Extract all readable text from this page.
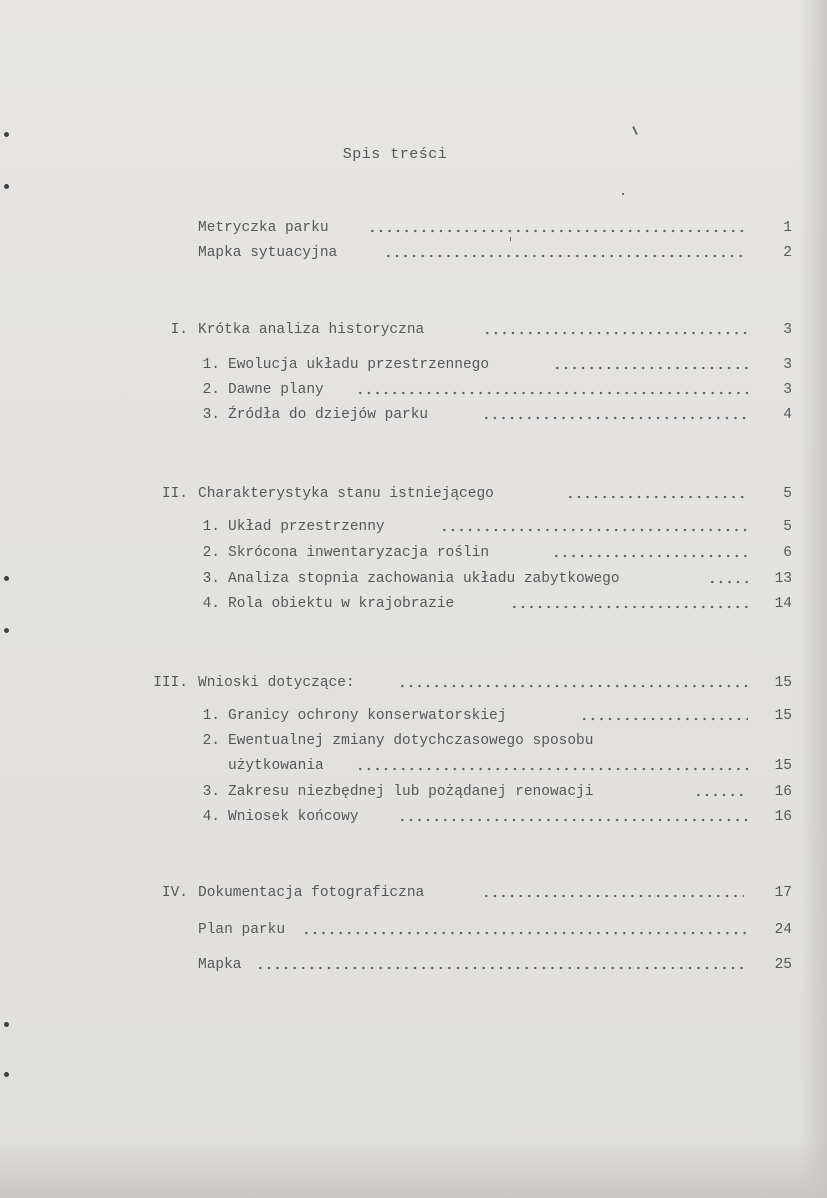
Spis treści
Metryczka parku	1
Mapka sytuacyjna	2
I. Krótka analiza historyczna	3
1. Ewolucja układu przestrzennego	3
2. Dawne plany	3
3. Źródła do dziejów parku	4
II. Charakterystyka stanu istniejącego	5
1. Układ przestrzenny	5
2. Skrócona inwentaryzacja roślin	6
3. Analiza stopnia zachowania układu zabytkowego	13
4. Rola obiektu w krajobrazie	14
III. Wnioski dotyczące:	15
1. Granicy ochrony konserwatorskiej	15
2. Ewentualnej zmiany dotychczasowego sposobu
użytkowania	15
3. Zakresu niezbędnej lub pożądanej renowacji	16
4. Wniosek końcowy	16
IV. Dokumentacja fotograficzna	17
Plan parku	24
Mapka	25
